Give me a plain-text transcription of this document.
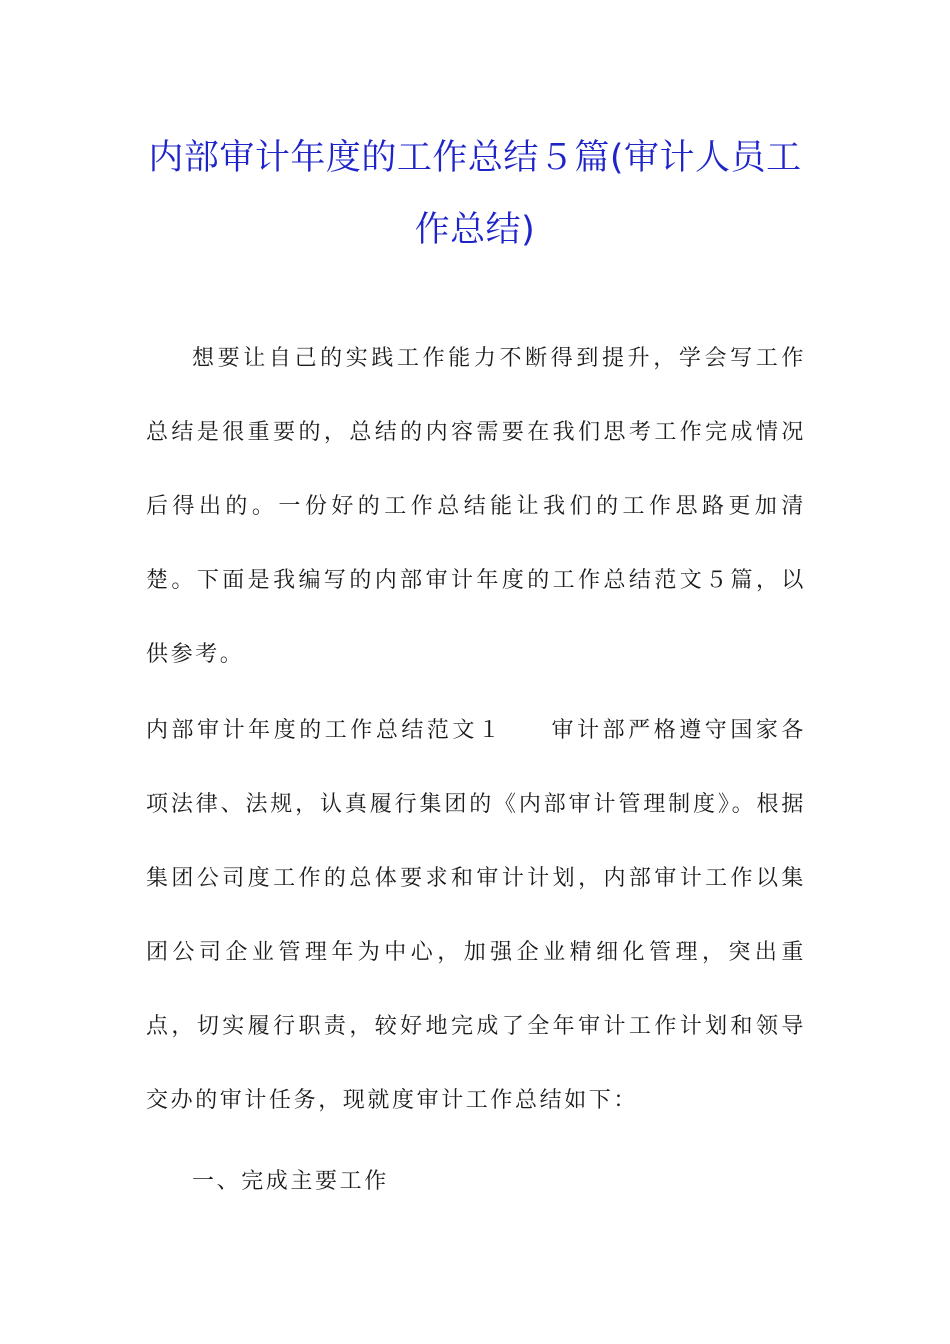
内部审计年度的工作总结５篇(审计人员工作总结)

想要让自己的实践工作能力不断得到提升，学会写工作总结是很重要的，总结的内容需要在我们思考工作完成情况后得出的。一份好的工作总结能让我们的工作思路更加清楚。下面是我编写的内部审计年度的工作总结范文５篇，以供参考。

内部审计年度的工作总结范文１ 审计部严格遵守国家各项法律、法规，认真履行集团的《内部审计管理制度》。根据集团公司度工作的总体要求和审计计划，内部审计工作以集团公司企业管理年为中心，加强企业精细化管理，突出重点，切实履行职责，较好地完成了全年审计工作计划和领导交办的审计任务，现就度审计工作总结如下：

一、完成主要工作
